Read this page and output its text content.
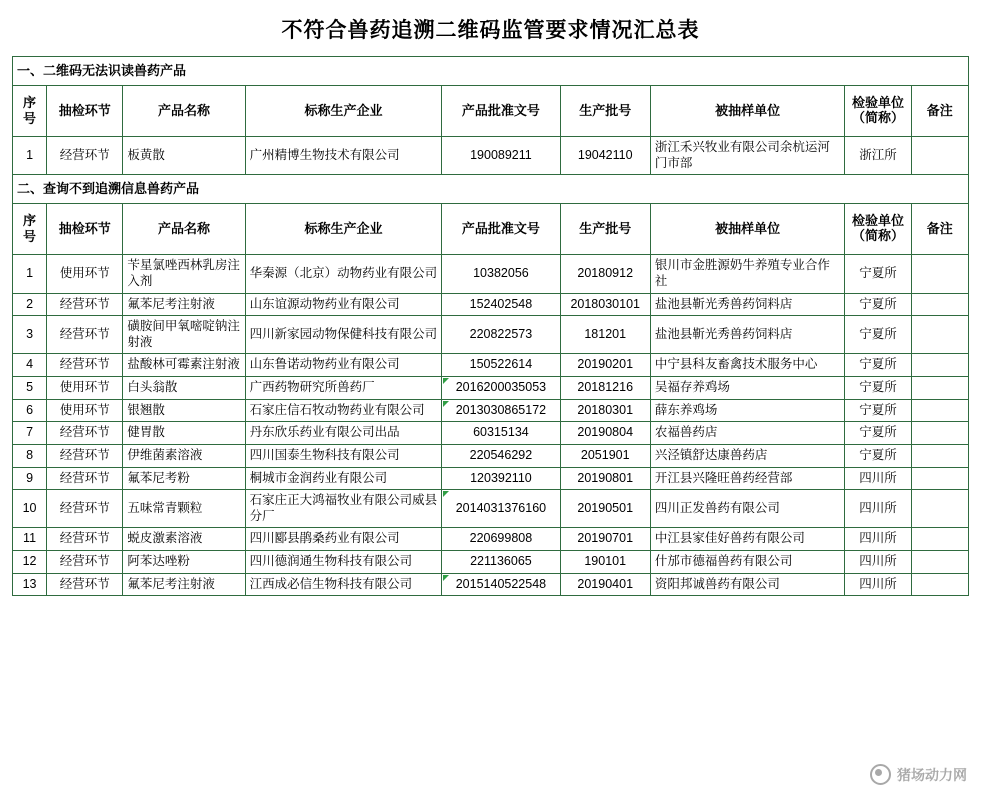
不符合兽药追溯二维码监管要求情况汇总表
一、二维码无法识读兽药产品								
序号	抽检环节	产品名称	标称生产企业	产品批准文号	生产批号	被抽样单位	检验单位（简称）	备注
1	经营环节	板黄散	广州精博生物技术有限公司	190089211	19042110	浙江禾兴牧业有限公司余杭运河门市部	浙江所	
二、查询不到追溯信息兽药产品								
序号	抽检环节	产品名称	标称生产企业	产品批准文号	生产批号	被抽样单位	检验单位（简称）	备注
1	使用环节	苄星氯唑西林乳房注入剂	华秦源（北京）动物药业有限公司	10382056	20180912	银川市金胜源奶牛养殖专业合作社	宁夏所	
2	经营环节	氟苯尼考注射液	山东谊源动物药业有限公司	152402548	2018030101	盐池县靳光秀兽药饲料店	宁夏所	
3	经营环节	磺胺间甲氧嘧啶钠注射液	四川新家园动物保健科技有限公司	220822573	181201	盐池县靳光秀兽药饲料店	宁夏所	
4	经营环节	盐酸林可霉素注射液	山东鲁诺动物药业有限公司	150522614	20190201	中宁县科友畜禽技术服务中心	宁夏所	
5	使用环节	白头翁散	广西药物研究所兽药厂	2016200035053	20181216	吴福存养鸡场	宁夏所	
6	使用环节	银翘散	石家庄信石牧动物药业有限公司	2013030865172	20180301	薛东养鸡场	宁夏所	
7	经营环节	健胃散	丹东欣乐药业有限公司出品	60315134	20190804	农福兽药店	宁夏所	
8	经营环节	伊维菌素溶液	四川国泰生物科技有限公司	220546292	2051901	兴泾镇舒达康兽药店	宁夏所	
9	经营环节	氟苯尼考粉	桐城市金润药业有限公司	120392110	20190801	开江县兴隆旺兽药经营部	四川所	
10	经营环节	五味常青颗粒	石家庄正大鸿福牧业有限公司威县分厂	2014031376160	20190501	四川正发兽药有限公司	四川所	
11	经营环节	蜕皮激素溶液	四川郾县鹃桑药业有限公司	220699808	20190701	中江县家佳好兽药有限公司	四川所	
12	经营环节	阿苯达唑粉	四川德润通生物科技有限公司	221136065	190101	什邡市德福兽药有限公司	四川所	
13	经营环节	氟苯尼考注射液	江西成必信生物科技有限公司	2015140522548	20190401	资阳邦诚兽药有限公司	四川所	
猪场动力网
